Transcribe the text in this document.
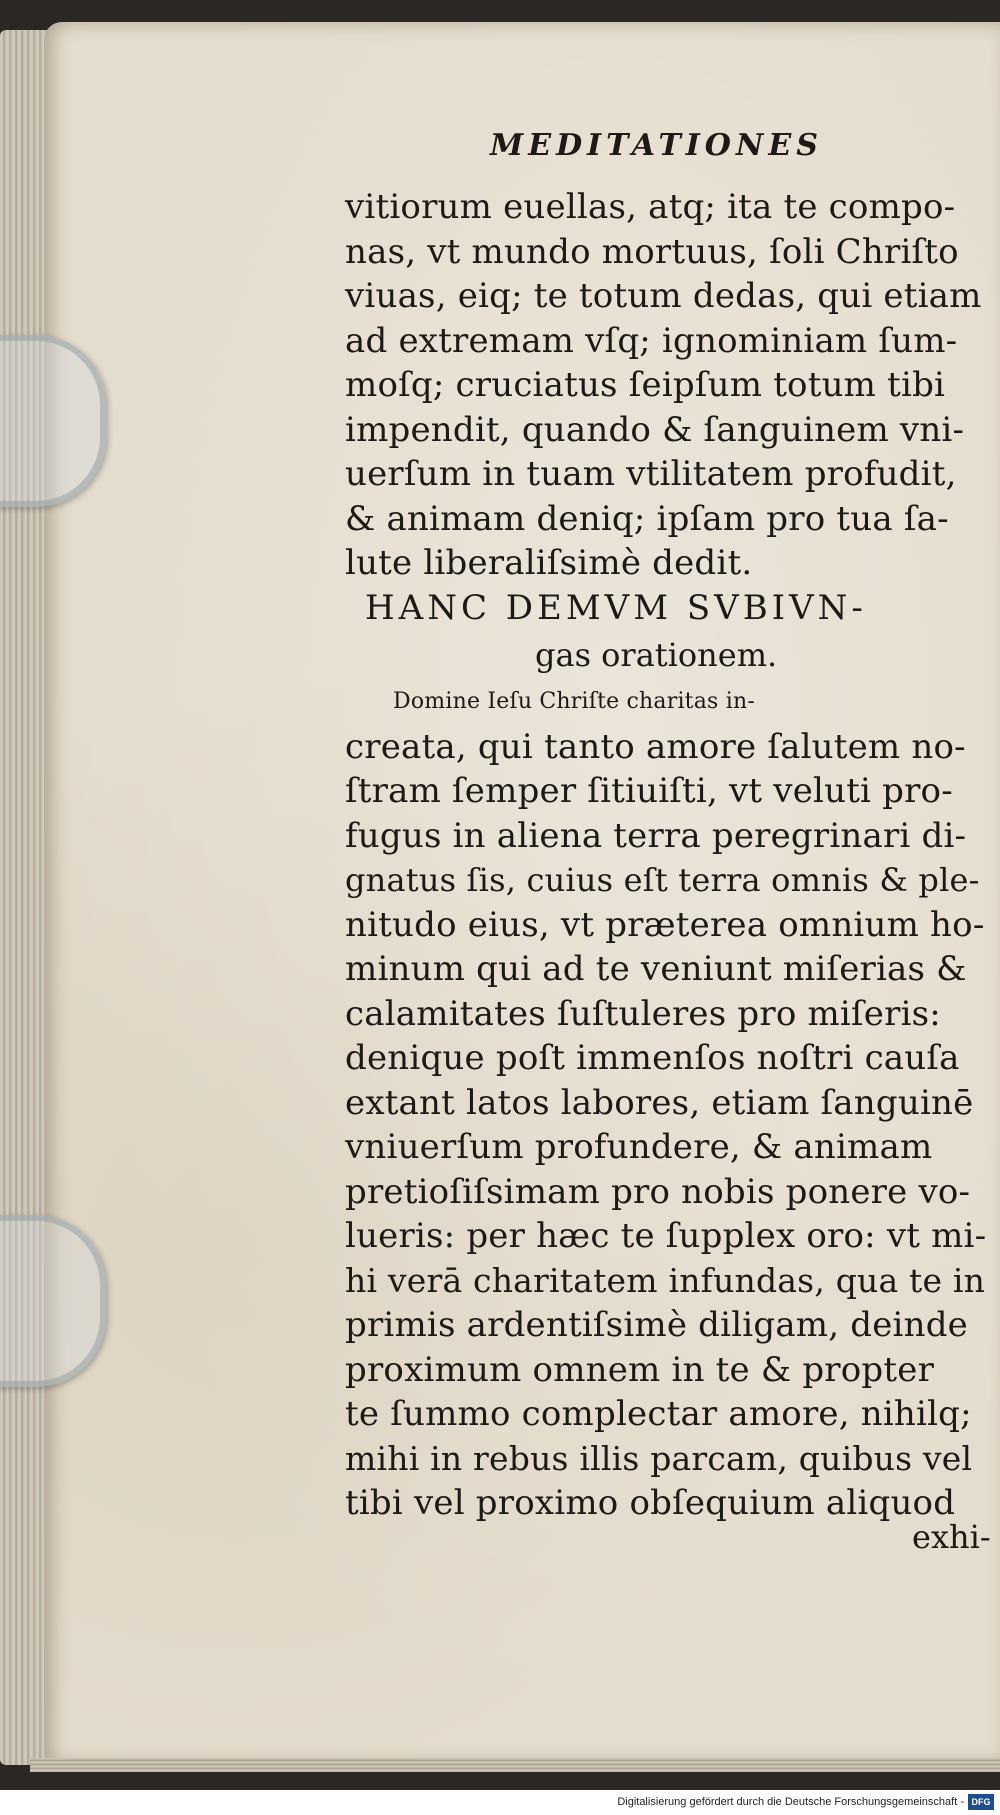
MEDITATIONES
vitiorum euellas, atq; ita te compo-
nas, vt mundo mortuus, ſoli Chriſto
viuas, eiq; te totum dedas, qui etiam
ad extremam vſq; ignominiam ſum-
moſq; cruciatus ſeipſum totum tibi
impendit, quando & ſanguinem vni-
uerſum in tuam vtilitatem profudit,
& animam deniq; ipſam pro tua ſa-
lute liberaliſsimè dedit.
HANC DEMVM SVBIVN-
gas orationem.
Domine Ieſu Chriſte charitas in-
creata, qui tanto amore ſalutem no-
ſtram ſemper ſitiuiſti, vt veluti pro-
fugus in aliena terra peregrinari di-
gnatus ſis, cuius eſt terra omnis & ple-
nitudo eius, vt præterea omnium ho-
minum qui ad te veniunt miſerias &
calamitates ſuſtuleres pro miſeris:
denique poſt immenſos noſtri cauſa
extant latos labores, etiam ſanguinē
vniuerſum profundere, & animam
pretioſiſsimam pro nobis ponere vo-
lueris: per hæc te ſupplex oro: vt mi-
hi verā charitatem infundas, qua te in
primis ardentiſsimè diligam, deinde
proximum omnem in te & propter
te ſummo complectar amore, nihilq;
mihi in rebus illis parcam, quibus vel
tibi vel proximo obſequium aliquod
exhi-
Digitalisierung gefördert durch die Deutsche Forschungsgemeinschaft - DFG
